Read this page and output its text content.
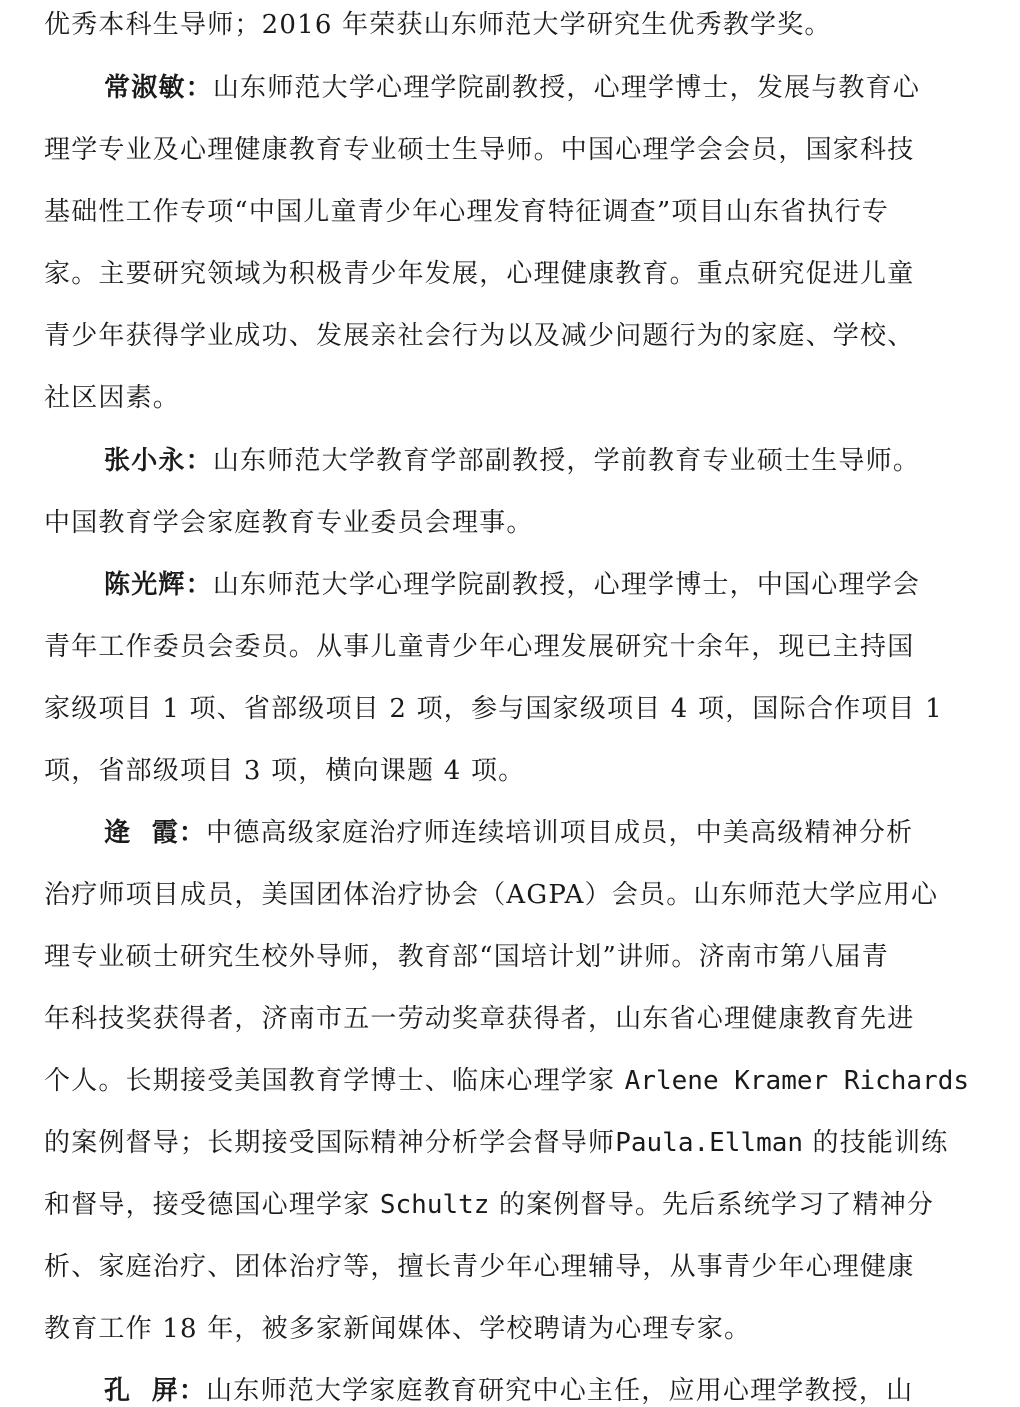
优秀本科生导师；2016 年荣获山东师范大学研究生优秀教学奖。
常淑敏：山东师范大学心理学院副教授，心理学博士，发展与教育心
理学专业及心理健康教育专业硕士生导师。中国心理学会会员，国家科技
基础性工作专项“中国儿童青少年心理发育特征调查”项目山东省执行专
家。主要研究领域为积极青少年发展，心理健康教育。重点研究促进儿童
青少年获得学业成功、发展亲社会行为以及减少问题行为的家庭、学校、
社区因素。
张小永：山东师范大学教育学部副教授，学前教育专业硕士生导师。
中国教育学会家庭教育专业委员会理事。
陈光辉：山东师范大学心理学院副教授，心理学博士，中国心理学会
青年工作委员会委员。从事儿童青少年心理发展研究十余年，现已主持国
家级项目 1 项、省部级项目 2 项，参与国家级项目 4 项，国际合作项目 1
项，省部级项目 3 项，横向课题 4 项。
逄  霞：中德高级家庭治疗师连续培训项目成员，中美高级精神分析
治疗师项目成员，美国团体治疗协会（AGPA）会员。山东师范大学应用心
理专业硕士研究生校外导师，教育部“国培计划”讲师。济南市第八届青
年科技奖获得者，济南市五一劳动奖章获得者，山东省心理健康教育先进
个人。长期接受美国教育学博士、临床心理学家 Arlene Kramer Richards
的案例督导；长期接受国际精神分析学会督导师Paula.Ellman 的技能训练
和督导，接受德国心理学家 Schultz 的案例督导。先后系统学习了精神分
析、家庭治疗、团体治疗等，擅长青少年心理辅导，从事青少年心理健康
教育工作 18 年，被多家新闻媒体、学校聘请为心理专家。
孔  屏：山东师范大学家庭教育研究中心主任，应用心理学教授，山
